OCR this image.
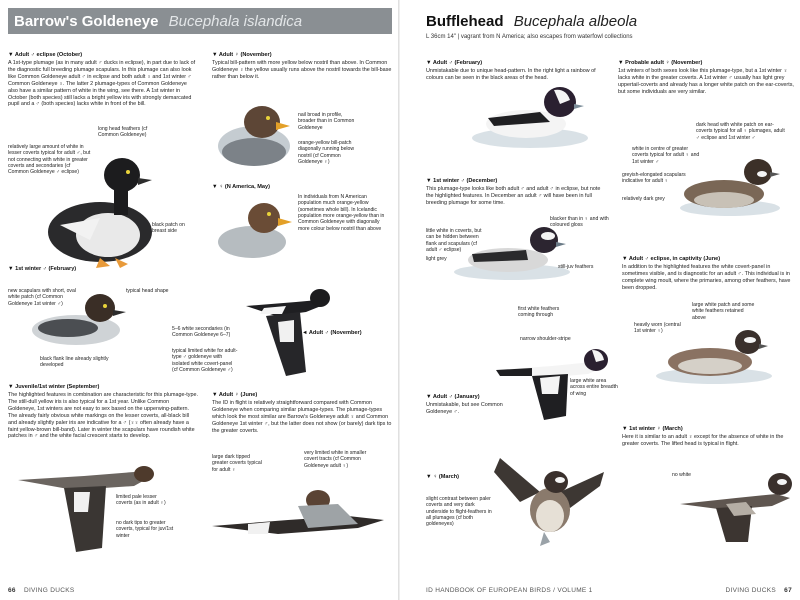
Barrow's Goldeneye Bucephala islandica
▼ Adult ♂ eclipse (October)
A 1st-type plumage (as in many adult ♂ ducks in eclipse), in part due to lack of the diagnostic full breeding plumage scapulars. In this plumage can also look like Common Goldeneye adult ♂ in eclipse and both adult ♀ and 1st winter ♂ Common Goldeneye ♀. The latter 2 plumage-types of Common Goldeneye also have a similar pattern of white in the wing, see there. A 1st winter in October (both species) still lacks a bright yellow iris with strongly demarcated pupil and a ♂ (both species) lacks white in front of the bill.
▼ Adult ♀ (November)
Typical bill-pattern with more yellow below nostril than above. In Common Goldeneye ♀ the yellow usually runs above the nostril towards the bill-base rather than below it.
long head feathers (cf Common Goldeneye)
relatively large amount of white in lesser coverts typical for adult ♂, but not connecting with white in greater coverts and secondaries (cf Common Goldeneye ♂ eclipse)
black patch on breast side
nail broad in profile, broader than in Common Goldeneye
orange-yellow bill-patch diagonally running below nostril (cf Common Goldeneye ♀)
▼ ♀ (N America, May)
In individuals from N American population much orange-yellow (sometimes whole bill). In Icelandic population more orange-yellow than in Common Goldeneye with diagonally more colour below nostril than above
▼ 1st winter ♂ (February)
new scapulars with short, oval white patch (cf Common Goldeneye 1st winter ♂)
typical head shape
black flank line already slightly developed
5–6 white secondaries (in Common Goldeneye 6–7)
typical limited white for adult-type ♂ goldeneye with isolated white covert-panel (cf Common Goldeneye ♂)
◄ Adult ♂ (November)
▼ Juvenile/1st winter (September)
The highlighted features in combination are characteristic for this plumage-type. The still-dull yellow iris is also typical for a 1st year. Unlike Common Goldeneye, 1st winters are not easy to sex based on the upperwing-pattern. The already fairly obvious white markings on the lesser coverts, all-black bill and already slightly paler iris are indicative for a ♂ (♀♀ often already have a faint yellow-brown bill-band). Later in winter the scapulars have roundish white patches in ♂ and the white facial crescent starts to develop.
▼ Adult ♀ (June)
The ID in flight is relatively straightforward compared with Common Goldeneye when comparing similar plumage-types. The plumage-types which look the most similar are Barrow's Goldeneye adult ♀ and Common Goldeneye 1st winter ♂, but the latter does not show (or barely) dark tips to the greater coverts.
limited pale lesser coverts (as in adult ♀)
no dark tips to greater coverts, typical for juv/1st winter
large dark tipped greater coverts typical for adult ♀
very limited white in smaller covert tracts (cf Common Goldeneye adult ♀)
66 DIVING DUCKS
Bufflehead Bucephala albeola
L 36cm 14" | vagrant from N America; also escapes from waterfowl collections
▼ Adult ♂ (February)
Unmistakable due to unique head-pattern. In the right light a rainbow of colours can be seen in the black areas of the head.
▼ Probable adult ♀ (November)
1st winters of both sexes look like this plumage-type, but a 1st winter ♀ lacks white in the greater coverts. A 1st winter ♂ usually has light grey uppertail-coverts and already has a longer white patch on the ear-coverts, but some individuals are very similar.
dark head with white patch on ear-coverts typical for all ♀ plumages, adult ♂ eclipse and 1st winter ♂
white in centre of greater coverts typical for adult ♀ and 1st winter ♂
greyish-elongated scapulars indicative for adult ♀
relatively dark grey
▼ 1st winter ♂ (December)
This plumage-type looks like both adult ♂ and adult ♂ in eclipse, but note the highlighted features. In December an adult ♂ will have been in full breeding plumage for some time.
blacker than in ♀ and with coloured gloss
little white in coverts, but can be hidden between flank and scapulars (cf adult ♂ eclipse)
light grey
still-juv feathers
first white feathers coming through
▼ Adult ♂ eclipse, in captivity (June)
In addition to the highlighted features the white covert-panel in sometimes visible, and is diagnostic for an adult ♂. This individual is in complete wing moult, where the primaries, among other feathers, have been dropped.
large white patch and some white feathers retained above
heavily worn (central 1st winter ♀)
narrow shoulder-stripe
large white area across entire breadth of wing
▼ Adult ♂ (January)
Unmistakable, but see Common Goldeneye ♂.
▼ 1st winter ♀ (March)
Here it is similar to an adult ♀ except for the absence of white in the greater coverts. The lifted head is typical in flight.
no white
▼ ♀ (March)
slight contrast between paler coverts and very dark underside to flight-feathers in all plumages (cf both goldeneyes)
ID HANDBOOK OF EUROPEAN BIRDS / VOLUME 1	DIVING DUCKS 67
